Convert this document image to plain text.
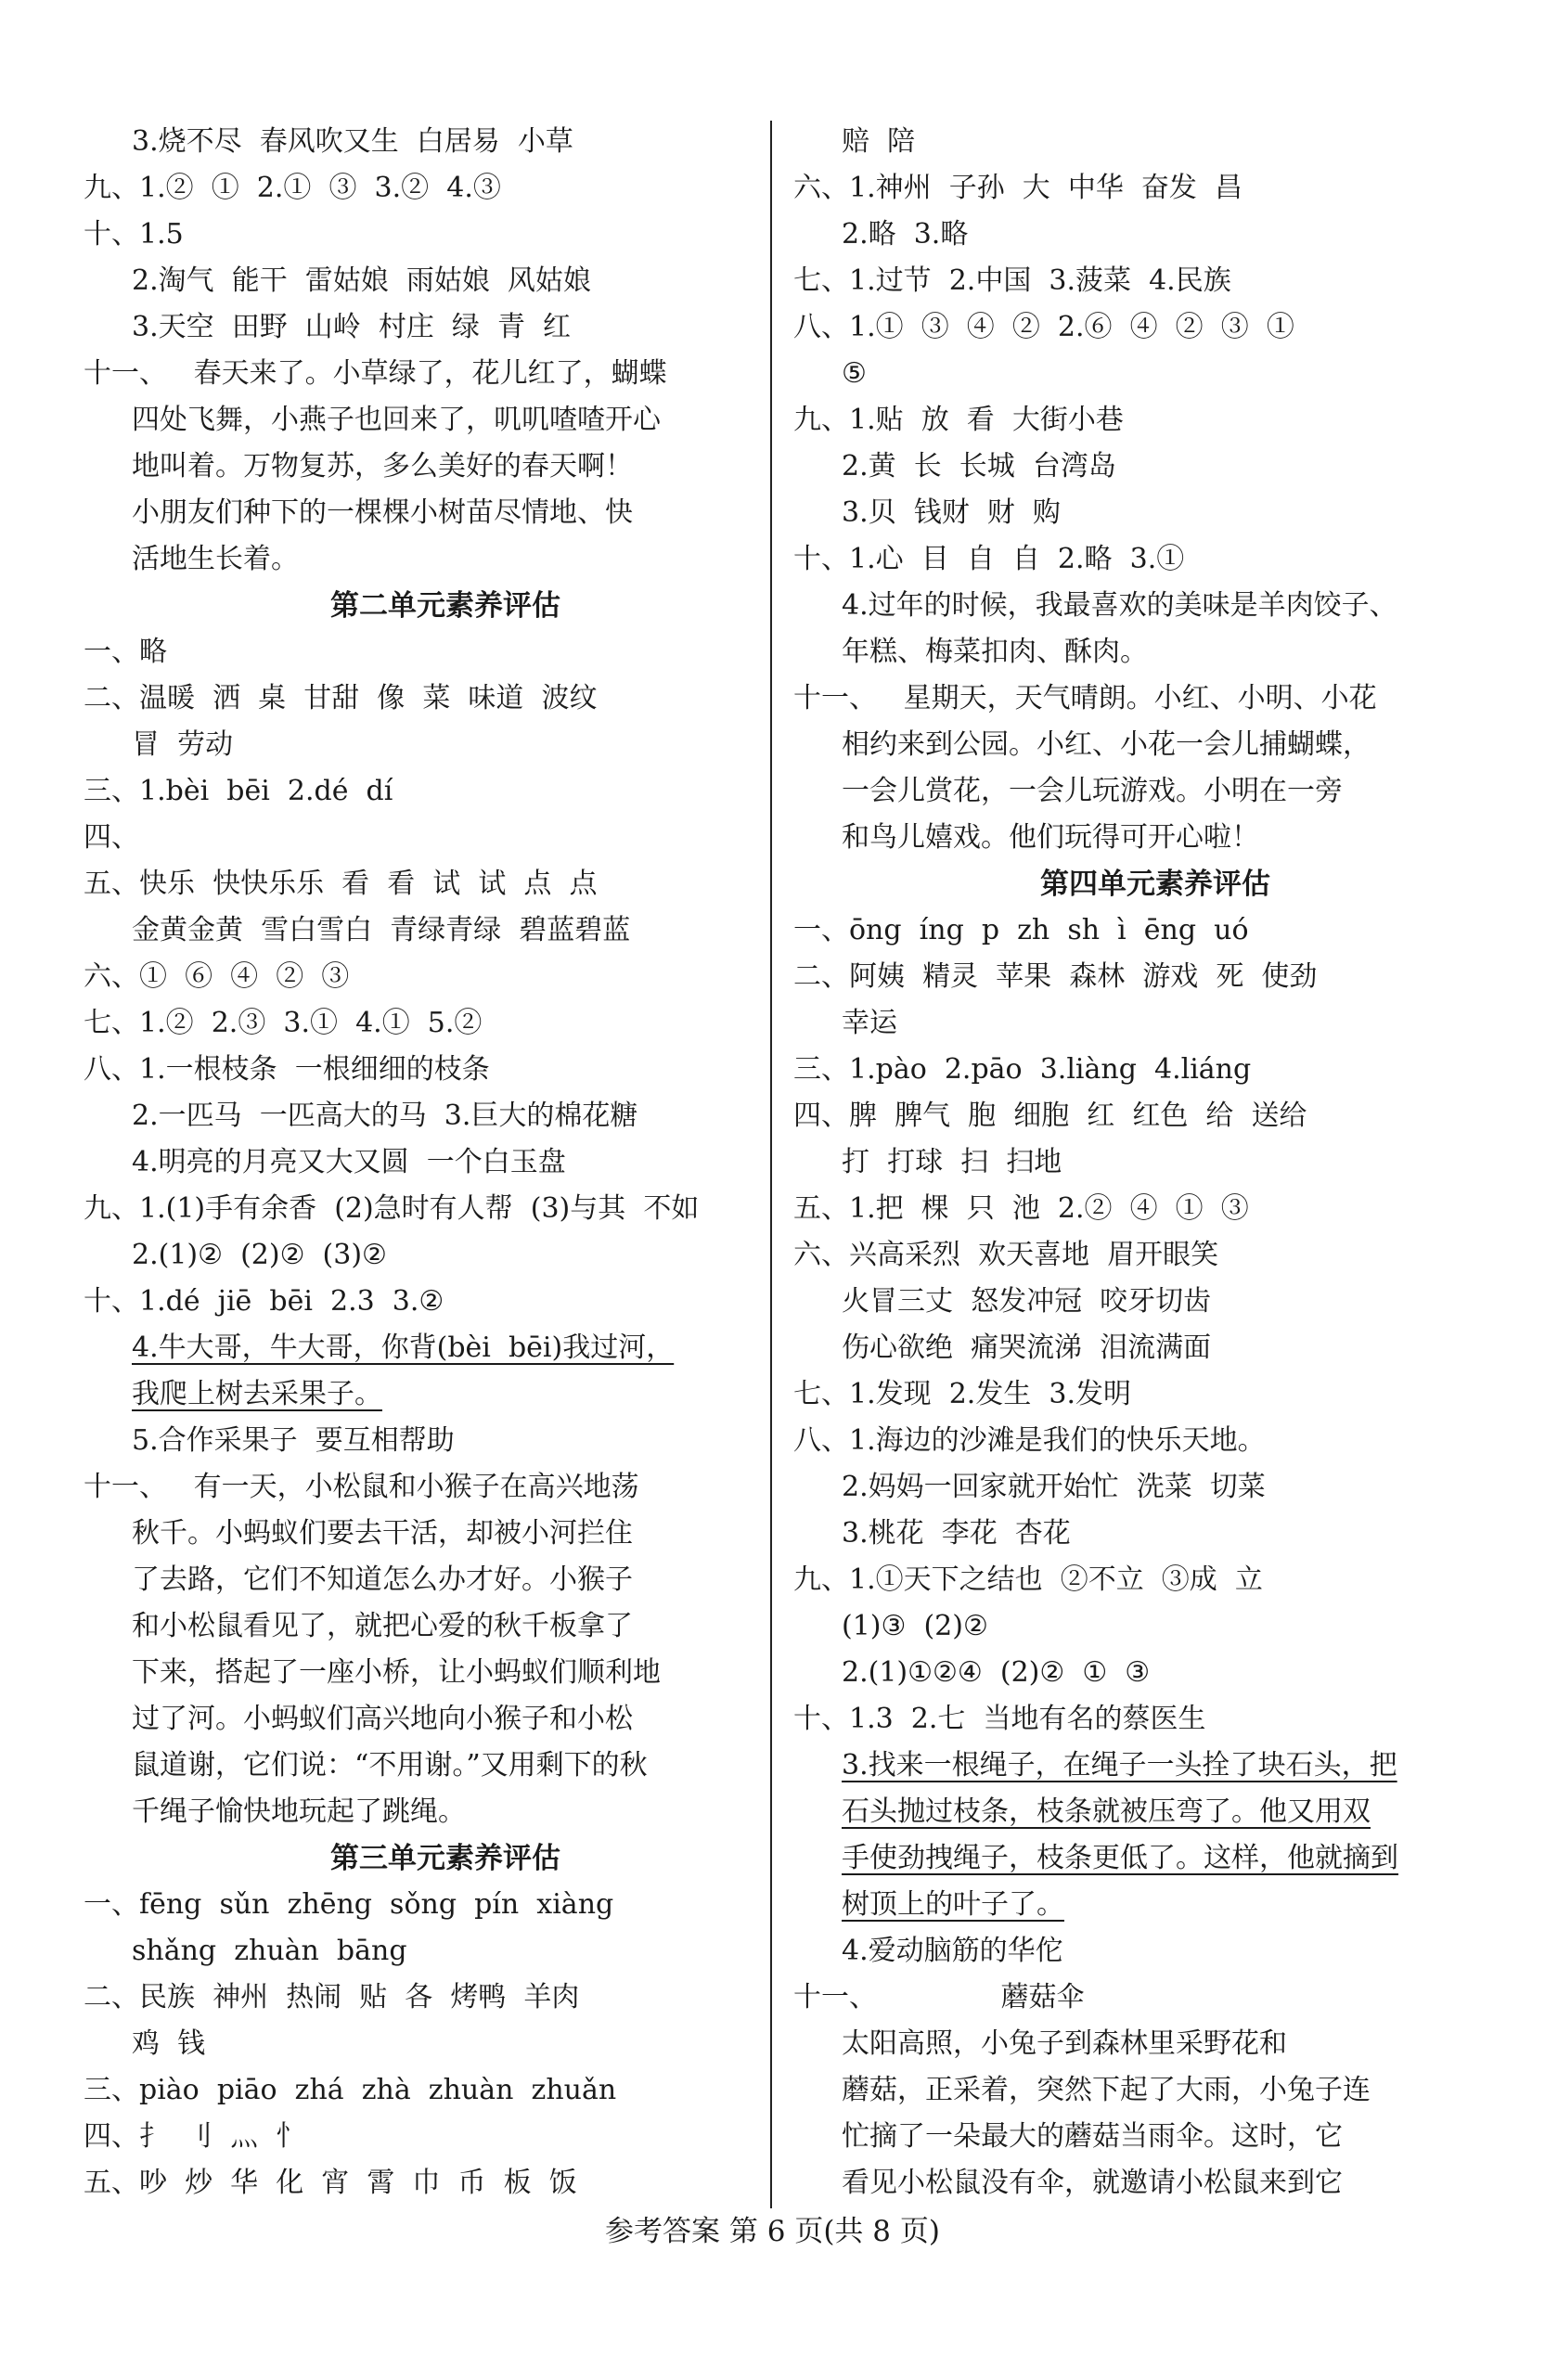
3.烧不尽  春风吹又生  白居易  小草
九、1.②  ①  2.①  ③  3.②  4.③
十、1.5
2.淘气  能干  雷姑娘  雨姑娘  风姑娘
3.天空  田野  山岭  村庄  绿  青  红
十一、   春天来了。小草绿了，花儿红了，蝴蝶
四处飞舞，小燕子也回来了，叽叽喳喳开心
地叫着。万物复苏，多么美好的春天啊！
小朋友们种下的一棵棵小树苗尽情地、快
活地生长着。
第二单元素养评估
一、略
二、温暖  洒  桌  甘甜  像  菜  味道  波纹
冒  劳动
三、1.bèi  bēi  2.dé  dí
四、
五、快乐  快快乐乐  看  看  试  试  点  点
金黄金黄  雪白雪白  青绿青绿  碧蓝碧蓝
六、①  ⑥  ④  ②  ③
七、1.②  2.③  3.①  4.①  5.②
八、1.一根枝条  一根细细的枝条
2.一匹马  一匹高大的马  3.巨大的棉花糖
4.明亮的月亮又大又圆  一个白玉盘
九、1.(1)手有余香  (2)急时有人帮  (3)与其  不如
2.(1)②  (2)②  (3)②
十、1.dé  jiē  bēi  2.3  3.②
4.牛大哥，牛大哥，你背(bèi  bēi)我过河，
我爬上树去采果子。
5.合作采果子  要互相帮助
十一、   有一天，小松鼠和小猴子在高兴地荡
秋千。小蚂蚁们要去干活，却被小河拦住
了去路，它们不知道怎么办才好。小猴子
和小松鼠看见了，就把心爱的秋千板拿了
下来，搭起了一座小桥，让小蚂蚁们顺利地
过了河。小蚂蚁们高兴地向小猴子和小松
鼠道谢，它们说：“不用谢。”又用剩下的秋
千绳子愉快地玩起了跳绳。
第三单元素养评估
一、fēng  sǔn  zhēng  sǒng  pín  xiàng
shǎng  zhuàn  bāng
二、民族  神州  热闹  贴  各  烤鸭  羊肉
鸡  钱
三、piào  piāo  zhá  zhà  zhuàn  zhuǎn
四、扌  刂  灬  忄
五、吵  炒  华  化  宵  霄  巾  币  板  饭
赔  陪
六、1.神州  子孙  大  中华  奋发  昌
2.略  3.略
七、1.过节  2.中国  3.菠菜  4.民族
八、1.①  ③  ④  ②  2.⑥  ④  ②  ③  ①
⑤
九、1.贴  放  看  大街小巷
2.黄  长  长城  台湾岛
3.贝  钱财  财  购
十、1.心  目  自  自  2.略  3.①
4.过年的时候，我最喜欢的美味是羊肉饺子、
年糕、梅菜扣肉、酥肉。
十一、   星期天，天气晴朗。小红、小明、小花
相约来到公园。小红、小花一会儿捕蝴蝶，
一会儿赏花，一会儿玩游戏。小明在一旁
和鸟儿嬉戏。他们玩得可开心啦！
第四单元素养评估
一、ōng  íng  p  zh  sh  ì  ēng  uó
二、阿姨  精灵  苹果  森林  游戏  死  使劲
幸运
三、1.pào  2.pāo  3.liàng  4.liáng
四、脾  脾气  胞  细胞  红  红色  给  送给
打  打球  扫  扫地
五、1.把  棵  只  池  2.②  ④  ①  ③
六、兴高采烈  欢天喜地  眉开眼笑
火冒三丈  怒发冲冠  咬牙切齿
伤心欲绝  痛哭流涕  泪流满面
七、1.发现  2.发生  3.发明
八、1.海边的沙滩是我们的快乐天地。
2.妈妈一回家就开始忙  洗菜  切菜
3.桃花  李花  杏花
九、1.①天下之结也  ②不立  ③成  立
(1)③  (2)②
2.(1)①②④  (2)②  ①  ③
十、1.3  2.七  当地有名的蔡医生
3.找来一根绳子，在绳子一头拴了块石头，把
石头抛过枝条，枝条就被压弯了。他又用双
手使劲拽绳子，枝条更低了。这样，他就摘到
树顶上的叶子了。
4.爱动脑筋的华佗
十一、              蘑菇伞
太阳高照，小兔子到森林里采野花和
蘑菇，正采着，突然下起了大雨，小兔子连
忙摘了一朵最大的蘑菇当雨伞。这时，它
看见小松鼠没有伞，就邀请小松鼠来到它
参考答案 第 6 页(共 8 页)
